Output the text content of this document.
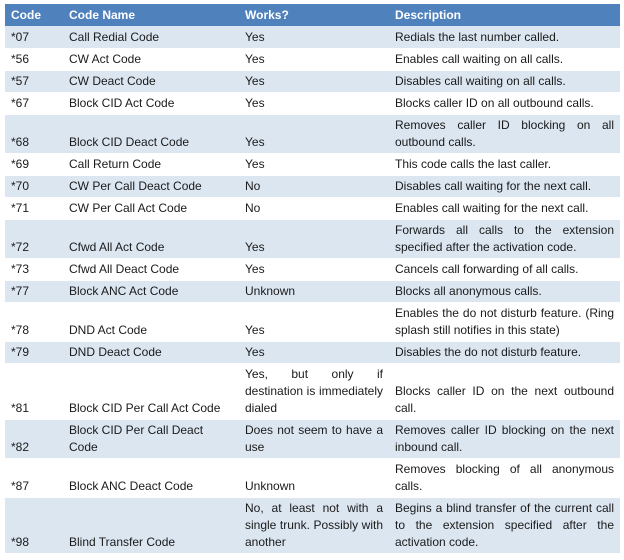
Code	Code Name	Works?	Description
*07	Call Redial Code	Yes	Redials the last number called.
*56	CW Act Code	Yes	Enables call waiting on all calls.
*57	CW Deact Code	Yes	Disables call waiting on all calls.
*67	Block CID Act Code	Yes	Blocks caller ID on all outbound calls.
*68	Block CID Deact Code	Yes	Removes caller ID blocking on all outbound calls.
*69	Call Return Code	Yes	This code calls the last caller.
*70	CW Per Call Deact Code	No	Disables call waiting for the next call.
*71	CW Per Call Act Code	No	Enables call waiting for the next call.
*72	Cfwd All Act Code	Yes	Forwards all calls to the extension specified after the activation code.
*73	Cfwd All Deact Code	Yes	Cancels call forwarding of all calls.
*77	Block ANC Act Code	Unknown	Blocks all anonymous calls.
*78	DND Act Code	Yes	Enables the do not disturb feature. (Ring splash still notifies in this state)
*79	DND Deact Code	Yes	Disables the do not disturb feature.
*81	Block CID Per Call Act Code	Yes, but only if destination is immediately dialed	Blocks caller ID on the next outbound call.
*82	Block CID Per Call Deact Code	Does not seem to have a use	Removes caller ID blocking on the next inbound call.
*87	Block ANC Deact Code	Unknown	Removes blocking of all anonymous calls.
*98	Blind Transfer Code	No, at least not with a single trunk. Possibly with another	Begins a blind transfer of the current call to the extension specified after the activation code.
